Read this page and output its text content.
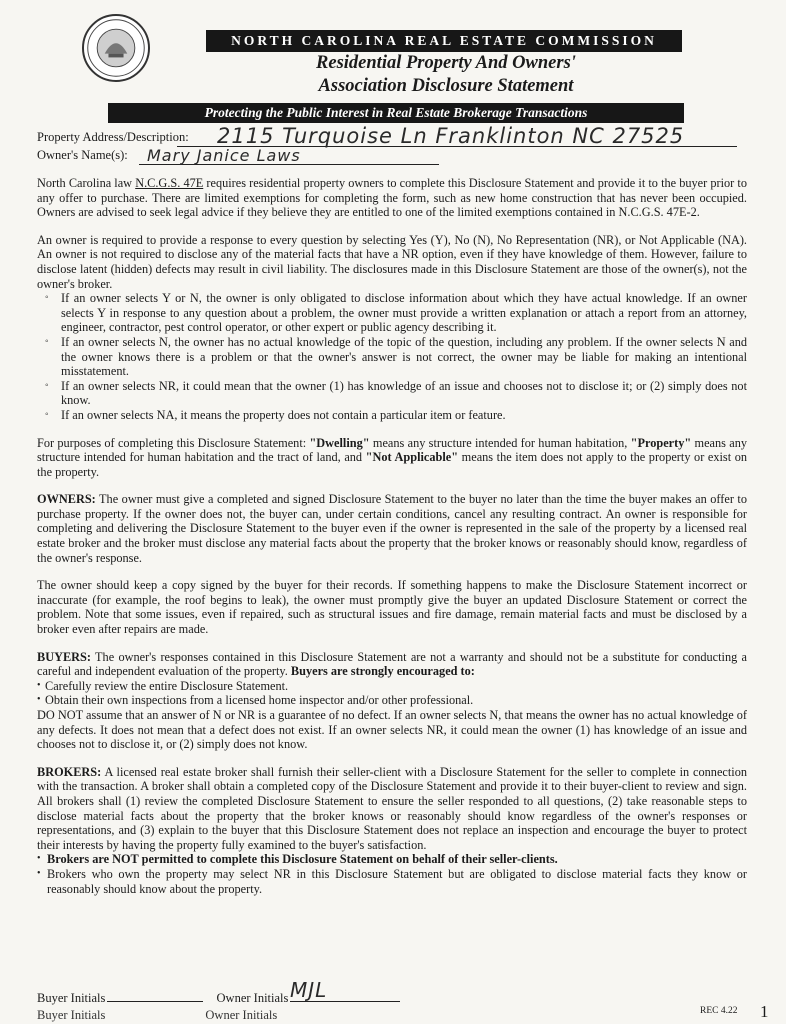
NORTH CAROLINA REAL ESTATE COMMISSION
Residential Property And Owners'
Association Disclosure Statement
Protecting the Public Interest in Real Estate Brokerage Transactions
Property Address/Description: 2115 Turquoise Ln Franklinton NC 27525
Owner's Name(s): Mary Janice Laws

North Carolina law N.C.G.S. 47E requires residential property owners to complete this Disclosure Statement and provide it to the buyer prior to any offer to purchase. There are limited exemptions for completing the form, such as new home construction that has never been occupied. Owners are advised to seek legal advice if they believe they are entitled to one of the limited exemptions contained in N.C.G.S. 47E-2.

An owner is required to provide a response to every question by selecting Yes (Y), No (N), No Representation (NR), or Not Applicable (NA). An owner is not required to disclose any of the material facts that have a NR option, even if they have knowledge of them. However, failure to disclose latent (hidden) defects may result in civil liability. The disclosures made in this Disclosure Statement are those of the owner(s), not the owner's broker.

◦ If an owner selects Y or N, the owner is only obligated to disclose information about which they have actual knowledge. If an owner selects Y in response to any question about a problem, the owner must provide a written explanation or attach a report from an attorney, engineer, contractor, pest control operator, or other expert or public agency describing it.
◦ If an owner selects N, the owner has no actual knowledge of the topic of the question, including any problem. If the owner selects N and the owner knows there is a problem or that the owner's answer is not correct, the owner may be liable for making an intentional misstatement.
◦ If an owner selects NR, it could mean that the owner (1) has knowledge of an issue and chooses not to disclose it; or (2) simply does not know.
◦ If an owner selects NA, it means the property does not contain a particular item or feature.

For purposes of completing this Disclosure Statement: "Dwelling" means any structure intended for human habitation, "Property" means any structure intended for human habitation and the tract of land, and "Not Applicable" means the item does not apply to the property or exist on the property.

OWNERS: The owner must give a completed and signed Disclosure Statement to the buyer no later than the time the buyer makes an offer to purchase property. If the owner does not, the buyer can, under certain conditions, cancel any resulting contract. An owner is responsible for completing and delivering the Disclosure Statement to the buyer even if the owner is represented in the sale of the property by a licensed real estate broker and the broker must disclose any material facts about the property that the broker knows or reasonably should know, regardless of the owner's response.

The owner should keep a copy signed by the buyer for their records. If something happens to make the Disclosure Statement incorrect or inaccurate (for example, the roof begins to leak), the owner must promptly give the buyer an updated Disclosure Statement or correct the problem. Note that some issues, even if repaired, such as structural issues and fire damage, remain material facts and must be disclosed by a broker even after repairs are made.

BUYERS: The owner's responses contained in this Disclosure Statement are not a warranty and should not be a substitute for conducting a careful and independent evaluation of the property. Buyers are strongly encouraged to:

• Carefully review the entire Disclosure Statement.
• Obtain their own inspections from a licensed home inspector and/or other professional.

DO NOT assume that an answer of N or NR is a guarantee of no defect. If an owner selects N, that means the owner has no actual knowledge of any defects. It does not mean that a defect does not exist. If an owner selects NR, it could mean the owner (1) has knowledge of an issue and chooses not to disclose it, or (2) simply does not know.

BROKERS: A licensed real estate broker shall furnish their seller-client with a Disclosure Statement for the seller to complete in connection with the transaction. A broker shall obtain a completed copy of the Disclosure Statement and provide it to their buyer-client to review and sign. All brokers shall (1) review the completed Disclosure Statement to ensure the seller responded to all questions, (2) take reasonable steps to disclose material facts about the property that the broker knows or reasonably should know regardless of the owner's responses or representations, and (3) explain to the buyer that this Disclosure Statement does not replace an inspection and encourage the buyer to protect their interests by having the property fully examined to the buyer's satisfaction.

• Brokers are NOT permitted to complete this Disclosure Statement on behalf of their seller-clients.
• Brokers who own the property may select NR in this Disclosure Statement but are obligated to disclose material facts they know or reasonably should know about the property.
Buyer Initials	Owner Initials MJL
Buyer Initials	Owner Initials	REC 4.22 1
